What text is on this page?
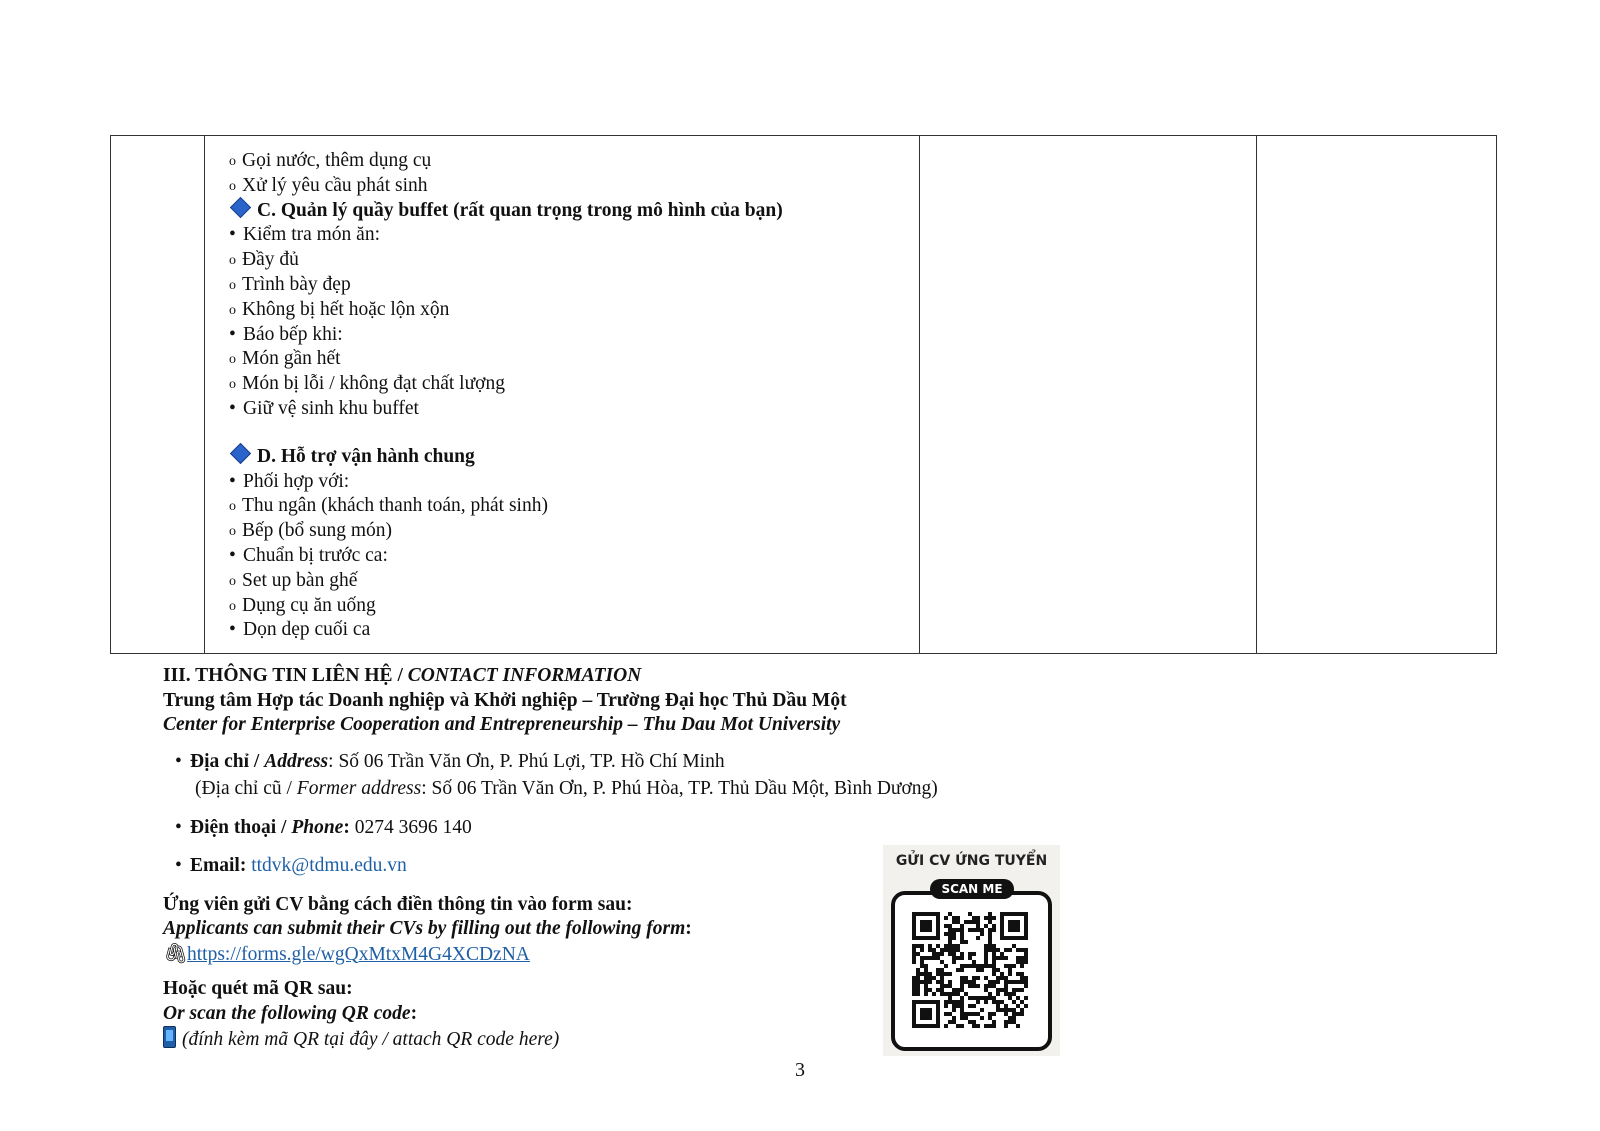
o Gọi nước, thêm dụng cụ
o Xử lý yêu cầu phát sinh
C. Quản lý quầy buffet (rất quan trọng trong mô hình của bạn)
• Kiểm tra món ăn:
o Đầy đủ
o Trình bày đẹp
o Không bị hết hoặc lộn xộn
• Báo bếp khi:
o Món gần hết
o Món bị lỗi / không đạt chất lượng
• Giữ vệ sinh khu buffet
D. Hỗ trợ vận hành chung
• Phối hợp với:
o Thu ngân (khách thanh toán, phát sinh)
o Bếp (bổ sung món)
• Chuẩn bị trước ca:
o Set up bàn ghế
o Dụng cụ ăn uống
• Dọn dẹp cuối ca
III. THÔNG TIN LIÊN HỆ / CONTACT INFORMATION
Trung tâm Hợp tác Doanh nghiệp và Khởi nghiệp – Trường Đại học Thủ Dầu Một
Center for Enterprise Cooperation and Entrepreneurship – Thu Dau Mot University
• Địa chỉ / Address: Số 06 Trần Văn Ơn, P. Phú Lợi, TP. Hồ Chí Minh
(Địa chỉ cũ / Former address: Số 06 Trần Văn Ơn, P. Phú Hòa, TP. Thủ Dầu Một, Bình Dương)
• Điện thoại / Phone: 0274 3696 140
• Email: ttdvk@tdmu.edu.vn
Ứng viên gửi CV bằng cách điền thông tin vào form sau:
Applicants can submit their CVs by filling out the following form:
🖇https://forms.gle/wgQxMtxM4G4XCDzNA
Hoặc quét mã QR sau:
Or scan the following QR code:
(đính kèm mã QR tại đây / attach QR code here)
GỬI CV ỨNG TUYỂN
SCAN ME
3
